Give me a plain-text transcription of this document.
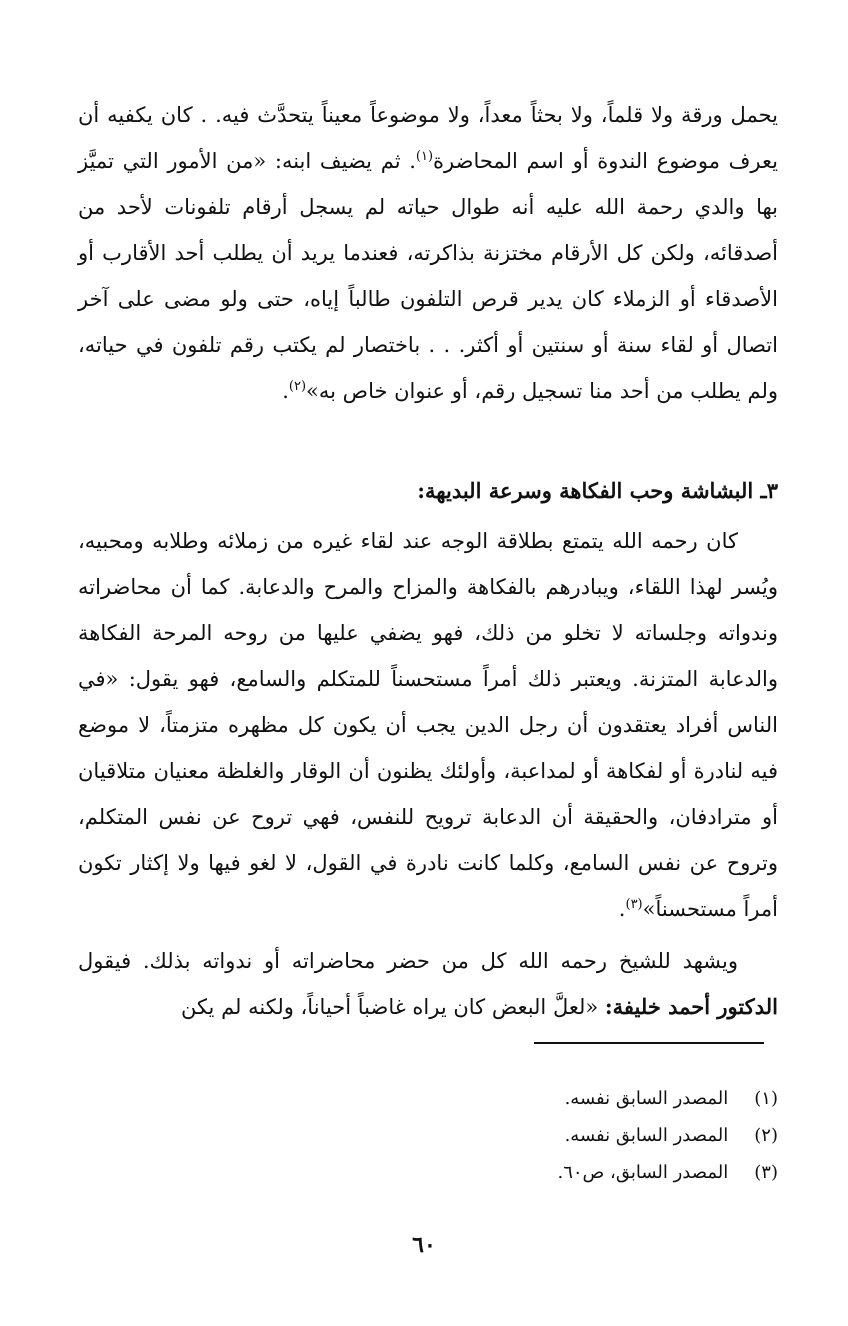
يحمل ورقة ولا قلماً، ولا بحثاً معداً، ولا موضوعاً معيناً يتحدَّث فيه. . كان يكفيه أن يعرف موضوع الندوة أو اسم المحاضرة$^{(١)}$. ثم يضيف ابنه: «من الأمور التي تميَّز بها والدي رحمة الله عليه أنه طوال حياته لم يسجل أرقام تلفونات لأحد من أصدقائه، ولكن كل الأرقام مختزنة بذاكرته، فعندما يريد أن يطلب أحد الأقارب أو الأصدقاء أو الزملاء كان يدير قرص التلفون طالباً إياه، حتى ولو مضى على آخر اتصال أو لقاء سنة أو سنتين أو أكثر. . . باختصار لم يكتب رقم تلفون في حياته، ولم يطلب من أحد منا تسجيل رقم، أو عنوان خاص به»$^{(٢)}$.
٣ـ البشاشة وحب الفكاهة وسرعة البديهة:
كان رحمه الله يتمتع بطلاقة الوجه عند لقاء غيره من زملائه وطلابه ومحبيه، ويُسر لهذا اللقاء، ويبادرهم بالفكاهة والمزاح والمرح والدعابة. كما أن محاضراته وندواته وجلساته لا تخلو من ذلك، فهو يضفي عليها من روحه المرحة الفكاهة والدعابة المتزنة. ويعتبر ذلك أمراً مستحسناً للمتكلم والسامع، فهو يقول: «في الناس أفراد يعتقدون أن رجل الدين يجب أن يكون كل مظهره متزمتاً، لا موضع فيه لنادرة أو لفكاهة أو لمداعبة، وأولئك يظنون أن الوقار والغلظة معنيان متلاقيان أو مترادفان، والحقيقة أن الدعابة ترويح للنفس، فهي تروح عن نفس المتكلم، وتروح عن نفس السامع، وكلما كانت نادرة في القول، لا لغو فيها ولا إكثار تكون أمراً مستحسناً»$^{(٣)}$.
ويشهد للشيخ رحمه الله كل من حضر محاضراته أو ندواته بذلك. فيقول الدكتور أحمد خليفة: «لعلَّ البعض كان يراه غاضباً أحياناً، ولكنه لم يكن
(١) المصدر السابق نفسه.
(٢) المصدر السابق نفسه.
(٣) المصدر السابق، ص٦٠.
٦٠
